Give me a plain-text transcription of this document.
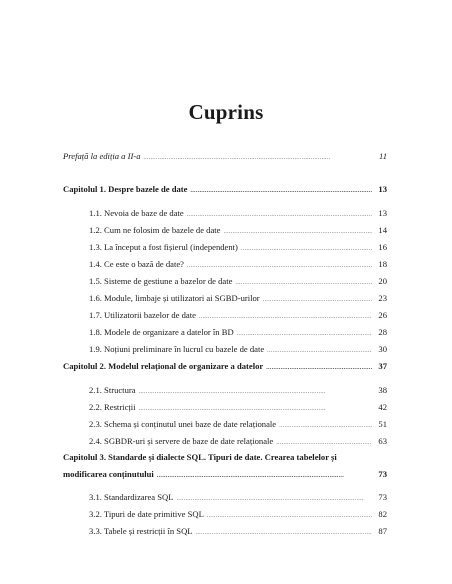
Cuprins
Prefață la ediția a II-a . . .	11
Capitolul 1. Despre bazele de date . . .	13
1.1. Nevoia de baze de date . . .	13
1.2. Cum ne folosim de bazele de date . . .	14
1.3. La început a fost fișierul (independent) . . .	16
1.4. Ce este o bază de date? . . .	18
1.5. Sisteme de gestiune a bazelor de date . . .	20
1.6. Module, limbaje și utilizatori ai SGBD-urilor . . .	23
1.7. Utilizatorii bazelor de date . . .	26
1.8. Modele de organizare a datelor în BD . . .	28
1.9. Noțiuni preliminare în lucrul cu bazele de date . . .	30
Capitolul 2. Modelul relațional de organizare a datelor . . .	37
2.1. Structura . . .	38
2.2. Restricții . . .	42
2.3. Schema și conținutul unei baze de date relaționale . . .	51
2.4. SGBDR-uri și servere de baze de date relaționale . . .	63
Capitolul 3. Standarde și dialecte SQL. Tipuri de date. Crearea tabelelor și
modificarea conținutului . . .	73
3.1. Standardizarea SQL . . .	73
3.2. Tipuri de date primitive SQL . . .	82
3.3. Tabele și restricții în SQL . . .	87
